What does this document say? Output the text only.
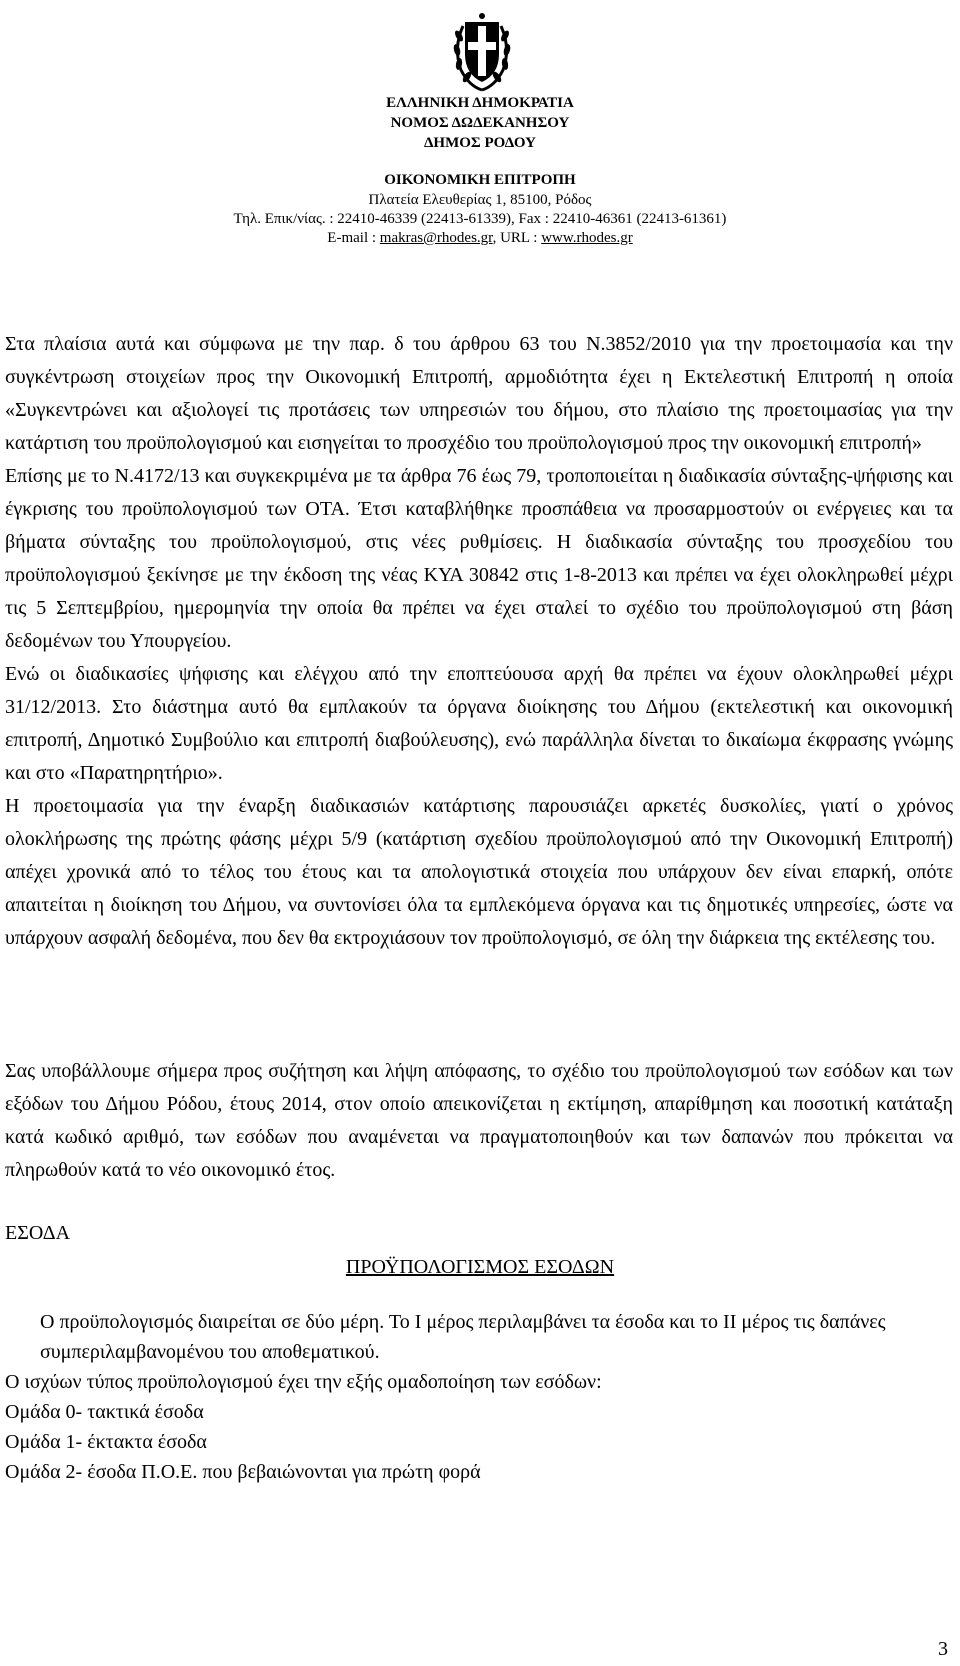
ΕΛΛΗΝΙΚΗ ΔΗΜΟΚΡΑΤΙΑ
ΝΟΜΟΣ ΔΩΔΕΚΑΝΗΣΟΥ
ΔΗΜΟΣ ΡΟΔΟΥ
ΟΙΚΟΝΟΜΙΚΗ ΕΠΙΤΡΟΠΗ
Πλατεία Ελευθερίας 1, 85100, Ρόδος
Τηλ. Επικ/νίας. : 22410-46339 (22413-61339), Fax : 22410-46361 (22413-61361)
E-mail : makras@rhodes.gr, URL : www.rhodes.gr

Στα πλαίσια αυτά και σύμφωνα με την παρ. δ του άρθρου 63 του Ν.3852/2010 για την προετοιμασία και την συγκέντρωση στοιχείων προς την Οικονομική Επιτροπή, αρμοδιότητα έχει η Εκτελεστική Επιτροπή η οποία «Συγκεντρώνει και αξιολογεί τις προτάσεις των υπηρεσιών του δήμου, στο πλαίσιο της προετοιμασίας για την κατάρτιση του προϋπολογισμού και εισηγείται το προσχέδιο του προϋπολογισμού προς την οικονομική επιτροπή»

Επίσης με το Ν.4172/13 και συγκεκριμένα με τα άρθρα 76 έως 79, τροποποιείται η διαδικασία σύνταξης-ψήφισης και έγκρισης του προϋπολογισμού των ΟΤΑ. Έτσι καταβλήθηκε προσπάθεια να προσαρμοστούν οι ενέργειες και τα βήματα σύνταξης του προϋπολογισμού, στις νέες ρυθμίσεις. Η διαδικασία σύνταξης του προσχεδίου του προϋπολογισμού ξεκίνησε με την έκδοση της νέας ΚΥΑ 30842 στις 1-8-2013 και πρέπει να έχει ολοκληρωθεί μέχρι τις 5 Σεπτεμβρίου, ημερομηνία την οποία θα πρέπει να έχει σταλεί το σχέδιο του προϋπολογισμού στη βάση δεδομένων του Υπουργείου.

Ενώ οι διαδικασίες ψήφισης και ελέγχου από την εποπτεύουσα αρχή θα πρέπει να έχουν ολοκληρωθεί μέχρι 31/12/2013. Στο διάστημα αυτό θα εμπλακούν τα όργανα διοίκησης του Δήμου (εκτελεστική και οικονομική επιτροπή, Δημοτικό Συμβούλιο και επιτροπή διαβούλευσης), ενώ παράλληλα δίνεται το δικαίωμα έκφρασης γνώμης και στο «Παρατηρητήριο».

Η προετοιμασία για την έναρξη διαδικασιών κατάρτισης παρουσιάζει αρκετές δυσκολίες, γιατί ο χρόνος ολοκλήρωσης της πρώτης φάσης μέχρι 5/9 (κατάρτιση σχεδίου προϋπολογισμού από την Οικονομική Επιτροπή) απέχει χρονικά από το τέλος του έτους και τα απολογιστικά στοιχεία που υπάρχουν δεν είναι επαρκή, οπότε απαιτείται η διοίκηση του Δήμου, να συντονίσει όλα τα εμπλεκόμενα όργανα και τις δημοτικές υπηρεσίες, ώστε να υπάρχουν ασφαλή δεδομένα, που δεν θα εκτροχιάσουν τον προϋπολογισμό, σε όλη την διάρκεια της εκτέλεσης του.

Σας υποβάλλουμε σήμερα προς συζήτηση και λήψη απόφασης, το σχέδιο του προϋπολογισμού των εσόδων και των εξόδων του Δήμου Ρόδου, έτους 2014, στον οποίο απεικονίζεται η εκτίμηση, απαρίθμηση και ποσοτική κατάταξη κατά κωδικό αριθμό, των εσόδων που αναμένεται να πραγματοποιηθούν και των δαπανών που πρόκειται να πληρωθούν κατά το νέο οικονομικό έτος.

ΕΣΟΔΑ
ΠΡΟΫΠΟΛΟΓΙΣΜΟΣ ΕΣΟΔΩΝ

Ο προϋπολογισμός διαιρείται σε δύο μέρη. Το Ι μέρος περιλαμβάνει τα έσοδα και το ΙΙ μέρος τις δαπάνες συμπεριλαμβανομένου του αποθεματικού.

Ο ισχύων τύπος προϋπολογισμού έχει την εξής ομαδοποίηση των εσόδων:

Ομάδα 0- τακτικά έσοδα

Ομάδα 1- έκτακτα έσοδα

Ομάδα 2- έσοδα Π.Ο.Ε. που βεβαιώνονται για πρώτη φορά

3
